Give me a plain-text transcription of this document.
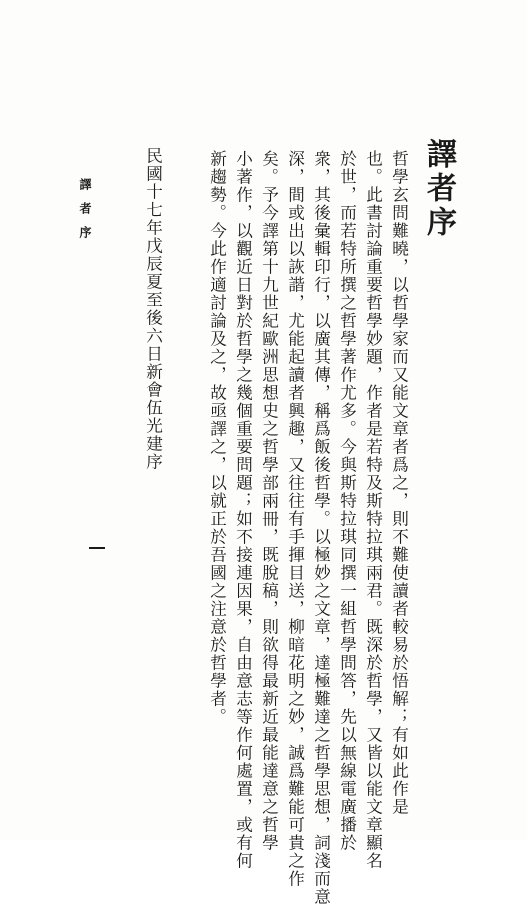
譯者序
哲學玄問難曉，以哲學家而又能文章者爲之，則不難使讀者較易於悟解；有如此作是
也。此書討論重要哲學妙題，作者是若特及斯特拉琪兩君。既深於哲學，又皆以能文章顯名
於世，而若特所撰之哲學著作尤多。今與斯特拉琪同撰一組哲學問答，先以無線電廣播於
衆，其後彙輯印行，以廣其傳，稱爲飯後哲學。以極妙之文章，達極難達之哲學思想，詞淺而意
深，間或出以詼諧，尤能起讀者興趣，又往往有手揮目送，柳暗花明之妙，誠爲難能可貴之作
矣。予今譯第十九世紀歐洲思想史之哲學部兩冊，既脫稿，則欲得最新近最能達意之哲學
小著作，以觀近日對於哲學之幾個重要問題；如不接連因果，自由意志等作何處置，或有何
新趨勢。今此作適討論及之，故亟譯之，以就正於吾國之注意於哲學者。
民國十七年戊辰夏至後六日新會伍光建序
譯者序
